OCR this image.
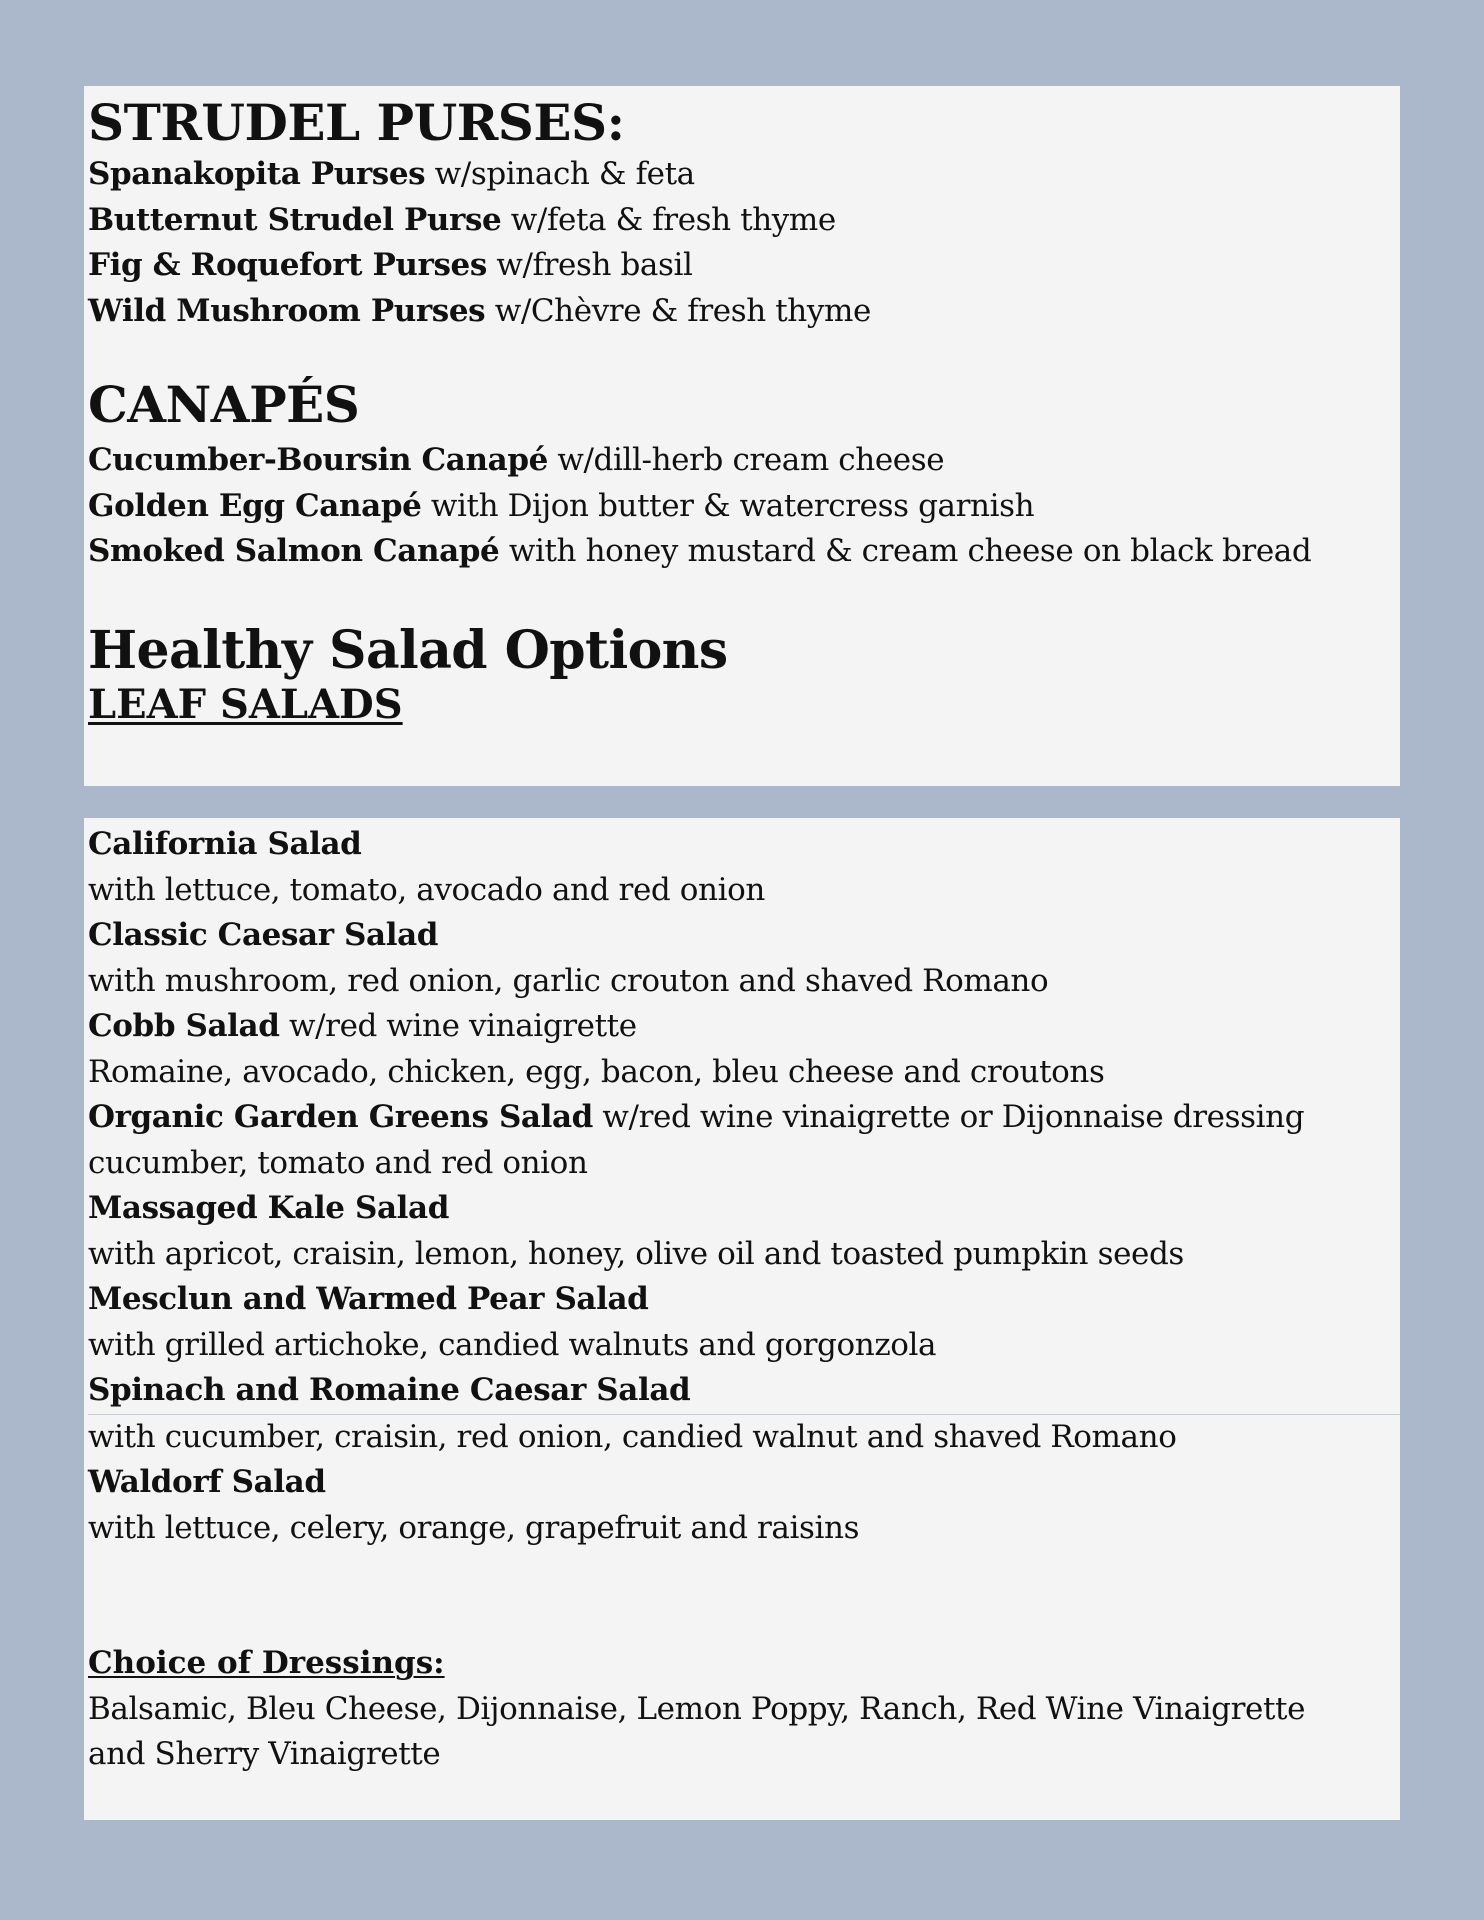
STRUDEL PURSES:
Spanakopita Purses w/spinach & feta
Butternut Strudel Purse w/feta & fresh thyme
Fig & Roquefort Purses w/fresh basil
Wild Mushroom Purses w/Chèvre & fresh thyme
CANAPÉS
Cucumber-Boursin Canapé w/dill-herb cream cheese
Golden Egg Canapé with Dijon butter & watercress garnish
Smoked Salmon Canapé with honey mustard & cream cheese on black bread
Healthy Salad Options
LEAF SALADS
California Salad
with lettuce, tomato, avocado and red onion
Classic Caesar Salad
with mushroom, red onion, garlic crouton and shaved Romano
Cobb Salad w/red wine vinaigrette
Romaine, avocado, chicken, egg, bacon, bleu cheese and croutons
Organic Garden Greens Salad w/red wine vinaigrette or Dijonnaise dressing
cucumber, tomato and red onion
Massaged Kale Salad
with apricot, craisin, lemon, honey, olive oil and toasted pumpkin seeds
Mesclun and Warmed Pear Salad
with grilled artichoke, candied walnuts and gorgonzola
Spinach and Romaine Caesar Salad
with cucumber, craisin, red onion, candied walnut and shaved Romano
Waldorf Salad
with lettuce, celery, orange, grapefruit and raisins
Choice of Dressings:
Balsamic, Bleu Cheese, Dijonnaise, Lemon Poppy, Ranch, Red Wine Vinaigrette
and Sherry Vinaigrette
